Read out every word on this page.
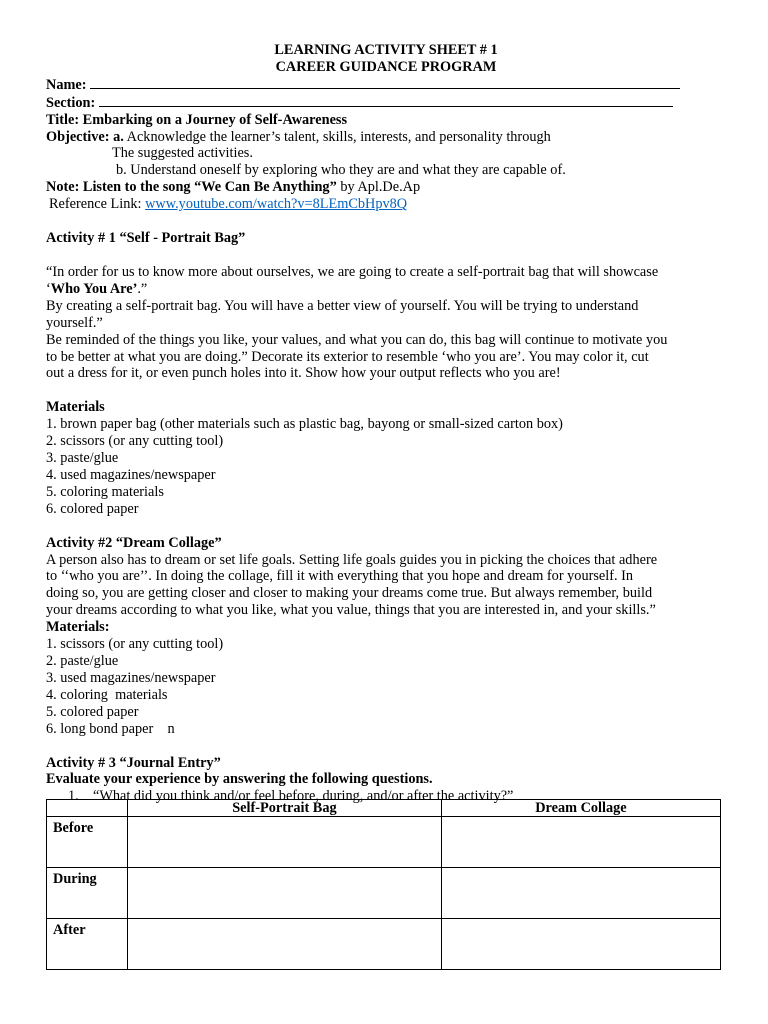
LEARNING ACTIVITY SHEET # 1
CAREER GUIDANCE PROGRAM
Name:
Section:
Title: Embarking on a Journey of Self-Awareness
Objective: a. Acknowledge the learner’s talent, skills, interests, and personality through
The suggested activities.
b. Understand oneself by exploring who they are and what they are capable of.
Note: Listen to the song “We Can Be Anything” by Apl.De.Ap
Reference Link: www.youtube.com/watch?v=8LEmCbHpv8Q
Activity # 1 “Self - Portrait Bag”
“In order for us to know more about ourselves, we are going to create a self-portrait bag that will showcase
‘Who You Are’.”
By creating a self-portrait bag. You will have a better view of yourself. You will be trying to understand
yourself.”
Be reminded of the things you like, your values, and what you can do, this bag will continue to motivate you
to be better at what you are doing.” Decorate its exterior to resemble ‘who you are’. You may color it, cut
out a dress for it, or even punch holes into it. Show how your output reflects who you are!
Materials
1. brown paper bag (other materials such as plastic bag, bayong or small-sized carton box)
2. scissors (or any cutting tool)
3. paste/glue
4. used magazines/newspaper
5. coloring materials
6. colored paper
Activity #2 “Dream Collage”
A person also has to dream or set life goals. Setting life goals guides you in picking the choices that adhere
to ‘‘who you are’’. In doing the collage, fill it with everything that you hope and dream for yourself. In
doing so, you are getting closer and closer to making your dreams come true. But always remember, build
your dreams according to what you like, what you value, things that you are interested in, and your skills.”
Materials:
1. scissors (or any cutting tool)
2. paste/glue
3. used magazines/newspaper
4. coloring  materials
5. colored paper
6. long bond paper    n
Activity # 3 “Journal Entry”
Evaluate your experience by answering the following questions.
1. “What did you think and/or feel before, during, and/or after the activity?”
	Self-Portrait Bag	Dream Collage
Before		
During		
After		
